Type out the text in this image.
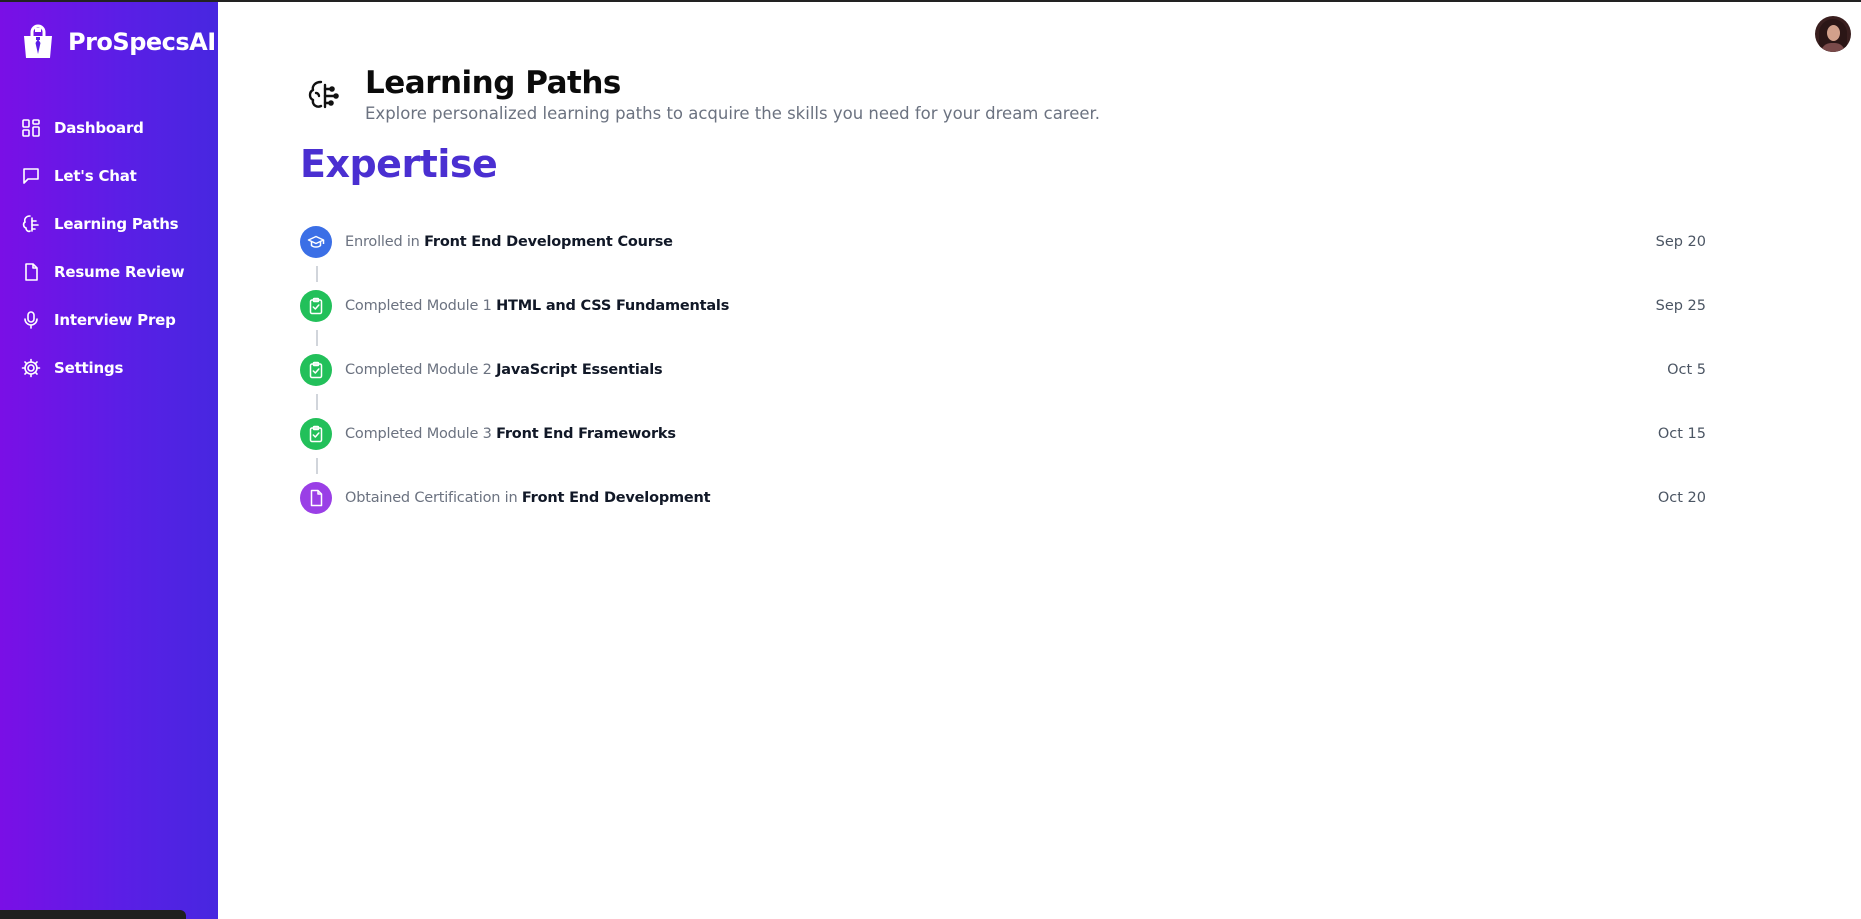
ProSpecsAI
Dashboard
Let's Chat
Learning Paths
Resume Review
Interview Prep
Settings
Learning Paths

Explore personalized learning paths to acquire the skills you need for your dream career.

Expertise
Enrolled in Front End Development Course	Sep 20
Completed Module 1 HTML and CSS Fundamentals	Sep 25
Completed Module 2 JavaScript Essentials	Oct 5
Completed Module 3 Front End Frameworks	Oct 15
Obtained Certification in Front End Development	Oct 20
